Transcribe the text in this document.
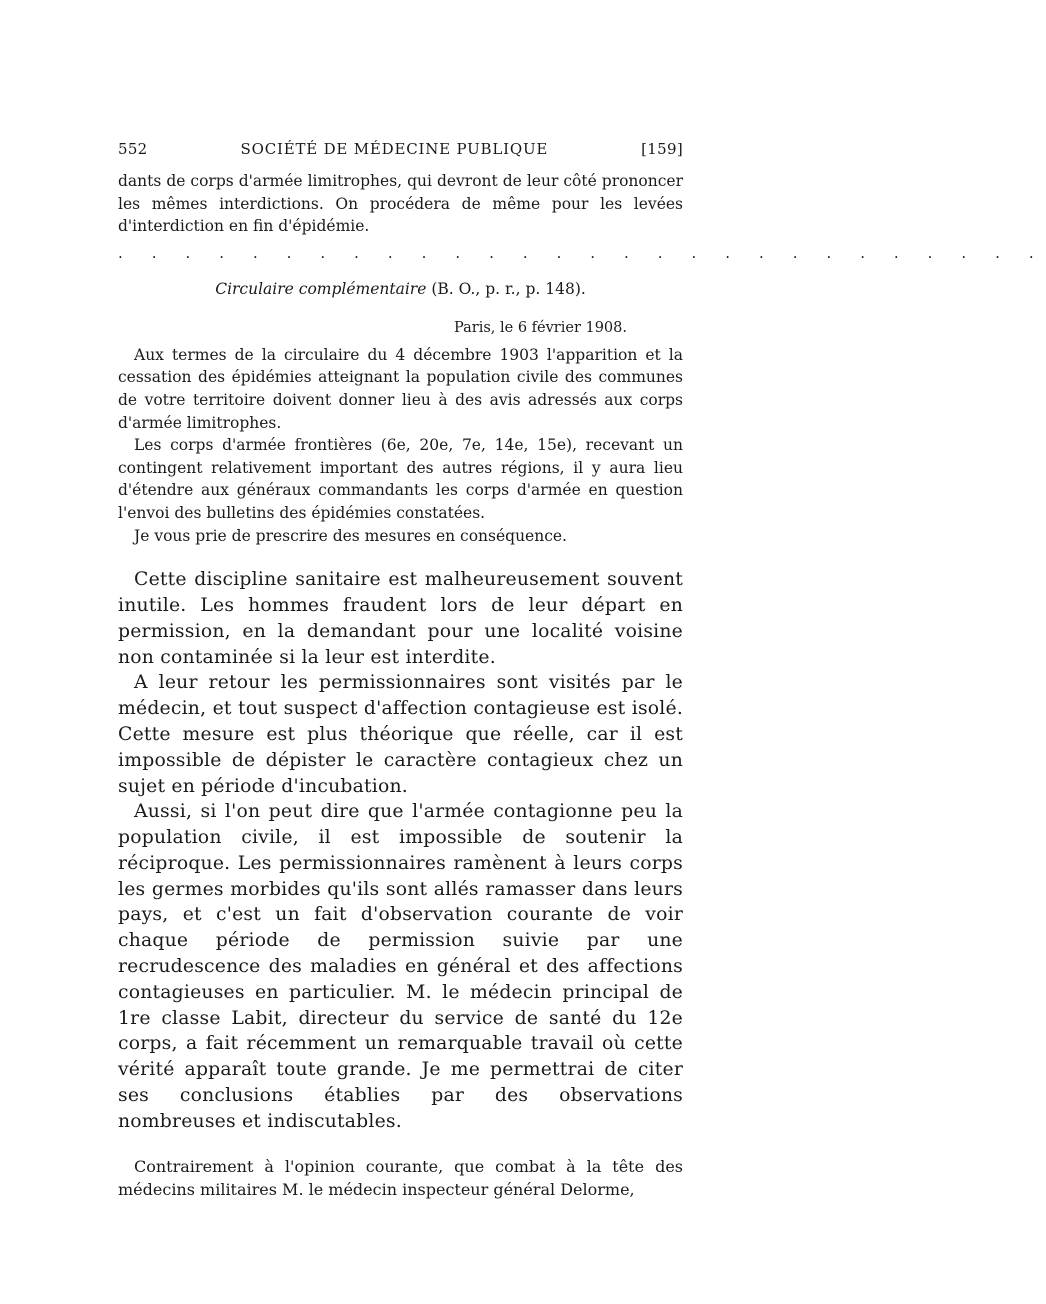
552	SOCIÉTÉ DE MÉDECINE PUBLIQUE	[159]

dants de corps d'armée limitrophes, qui devront de leur côté prononcer les mêmes interdictions. On procédera de même pour les levées d'interdiction en fin d'épidémie.

. . . . . . . . . . . . . . . . . . . . . . . . . . . .
Circulaire complémentaire (B. O., p. r., p. 148).
Paris, le 6 février 1908.

Aux termes de la circulaire du 4 décembre 1903 l'apparition et la cessation des épidémies atteignant la population civile des communes de votre territoire doivent donner lieu à des avis adressés aux corps d'armée limitrophes.

Les corps d'armée frontières (6e, 20e, 7e, 14e, 15e), recevant un contingent relativement important des autres régions, il y aura lieu d'étendre aux généraux commandants les corps d'armée en question l'envoi des bulletins des épidémies constatées.

Je vous prie de prescrire des mesures en conséquence.

Cette discipline sanitaire est malheureusement souvent inutile. Les hommes fraudent lors de leur départ en permission, en la demandant pour une localité voisine non contaminée si la leur est interdite.

A leur retour les permissionnaires sont visités par le médecin, et tout suspect d'affection contagieuse est isolé. Cette mesure est plus théorique que réelle, car il est impossible de dépister le caractère contagieux chez un sujet en période d'incubation.

Aussi, si l'on peut dire que l'armée contagionne peu la population civile, il est impossible de soutenir la réciproque. Les permissionnaires ramènent à leurs corps les germes morbides qu'ils sont allés ramasser dans leurs pays, et c'est un fait d'observation courante de voir chaque période de permission suivie par une recrudescence des maladies en général et des affections contagieuses en particulier. M. le médecin principal de 1re classe Labit, directeur du service de santé du 12e corps, a fait récemment un remarquable travail où cette vérité apparaît toute grande. Je me permettrai de citer ses conclusions établies par des observations nombreuses et indiscutables.

Contrairement à l'opinion courante, que combat à la tête des médecins militaires M. le médecin inspecteur général Delorme,
